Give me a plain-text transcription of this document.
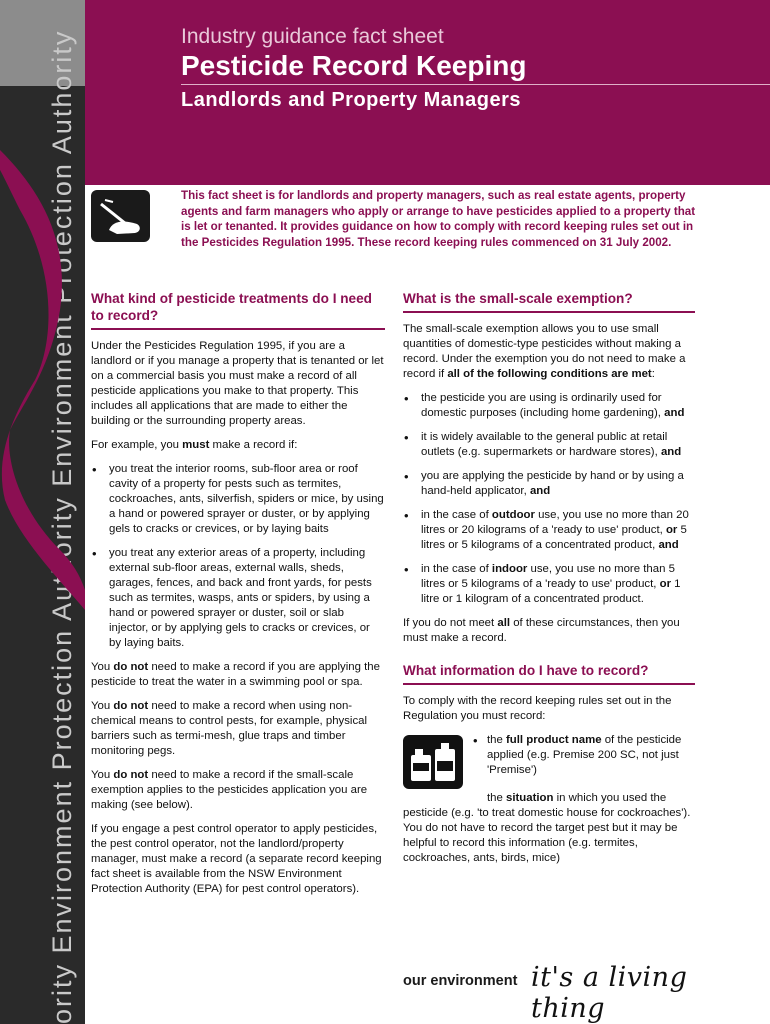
ority Environment Protection Authority Environment Protection Authority	Industry guidance fact sheet
Pesticide Record Keeping
Landlords and Property Managers

This fact sheet is for landlords and property managers, such as real estate agents, property agents and farm managers who apply or arrange to have pesticides applied to a property that is let or tenanted. It provides guidance on how to comply with record keeping rules set out in the Pesticides Regulation 1995. These record keeping rules commenced on 31 July 2002.

What kind of pesticide treatments do I need to record?

Under the Pesticides Regulation 1995, if you are a landlord or if you manage a property that is tenanted or let on a commercial basis you must make a record of all pesticide applications you make to that property. This includes all applications that are made to either the building or the surrounding property areas.

For example, you must make a record if:

• you treat the interior rooms, sub-floor area or roof cavity of a property for pests such as termites, cockroaches, ants, silverfish, spiders or mice, by using a hand or powered sprayer or duster, or by applying gels to cracks or crevices, or by laying baits
• you treat any exterior areas of a property, including external sub-floor areas, external walls, sheds, garages, fences, and back and front yards, for pests such as termites, wasps, ants or spiders, by using a hand or powered sprayer or duster, soil or slab injector, or by applying gels to cracks or crevices, or by laying baits.

You do not need to make a record if you are applying the pesticide to treat the water in a swimming pool or spa.

You do not need to make a record when using non-chemical means to control pests, for example, physical barriers such as termi-mesh, glue traps and timber monitoring pegs.

You do not need to make a record if the small-scale exemption applies to the pesticides application you are making (see below).

If you engage a pest control operator to apply pesticides, the pest control operator, not the landlord/property manager, must make a record (a separate record keeping fact sheet is available from the NSW Environment Protection Authority (EPA) for pest control operators).

What is the small-scale exemption?

The small-scale exemption allows you to use small quantities of domestic-type pesticides without making a record. Under the exemption you do not need to make a record if all of the following conditions are met:

• the pesticide you are using is ordinarily used for domestic purposes (including home gardening), and
• it is widely available to the general public at retail outlets (e.g. supermarkets or hardware stores), and
• you are applying the pesticide by hand or by using a hand-held applicator, and
• in the case of outdoor use, you use no more than 20 litres or 20 kilograms of a 'ready to use' product, or 5 litres or 5 kilograms of a concentrated product, and
• in the case of indoor use, you use no more than 5 litres or 5 kilograms of a 'ready to use' product, or 1 litre or 1 kilogram of a concentrated product.

If you do not meet all of these circumstances, then you must make a record.

What information do I have to record?

To comply with the record keeping rules set out in the Regulation you must record:

• the full product name of the pesticide applied (e.g. Premise 200 SC, not just 'Premise')

the situation in which you used the
pesticide (e.g. 'to treat domestic house for cockroaches'). You do not have to record the target pest but it may be helpful to record this information (e.g. termites, cockroaches, ants, birds, mice)

our environment it's a living thing
